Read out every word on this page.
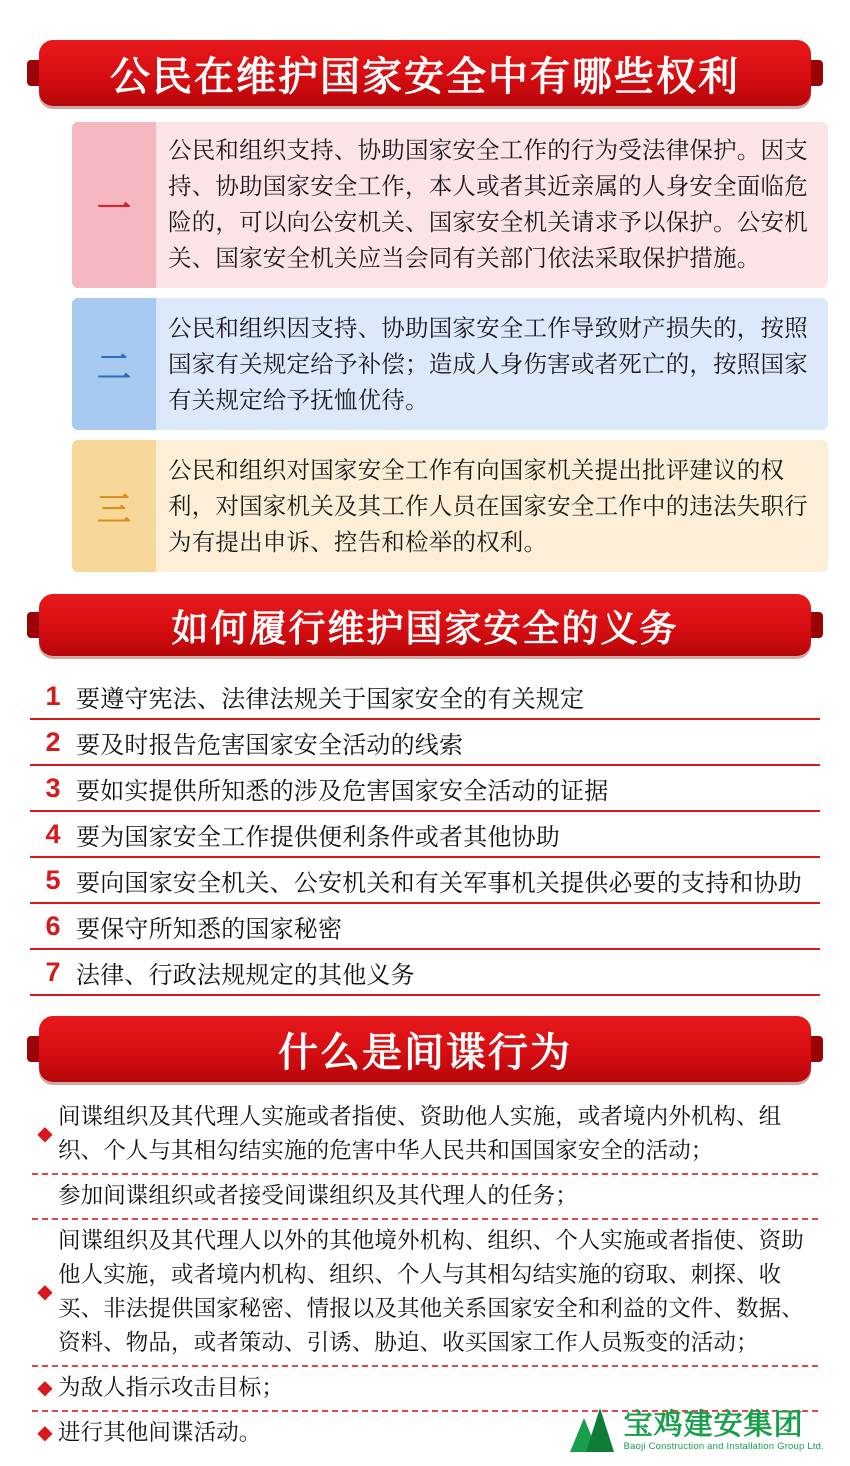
公民在维护国家安全中有哪些权利
一
公民和组织支持、协助国家安全工作的行为受法律保护。因支持、协助国家安全工作，本人或者其近亲属的人身安全面临危险的，可以向公安机关、国家安全机关请求予以保护。公安机关、国家安全机关应当会同有关部门依法采取保护措施。
二
公民和组织因支持、协助国家安全工作导致财产损失的，按照国家有关规定给予补偿；造成人身伤害或者死亡的，按照国家有关规定给予抚恤优待。
三
公民和组织对国家安全工作有向国家机关提出批评建议的权利，对国家机关及其工作人员在国家安全工作中的违法失职行为有提出申诉、控告和检举的权利。
如何履行维护国家安全的义务
1 要遵守宪法、法律法规关于国家安全的有关规定
2 要及时报告危害国家安全活动的线索
3 要如实提供所知悉的涉及危害国家安全活动的证据
4 要为国家安全工作提供便利条件或者其他协助
5 要向国家安全机关、公安机关和有关军事机关提供必要的支持和协助
6 要保守所知悉的国家秘密
7 法律、行政法规规定的其他义务
什么是间谍行为
◆
间谍组织及其代理人实施或者指使、资助他人实施，或者境内外机构、组织、个人与其相勾结实施的危害中华人民共和国国家安全的活动；
参加间谍组织或者接受间谍组织及其代理人的任务；
◆
间谍组织及其代理人以外的其他境外机构、组织、个人实施或者指使、资助他人实施，或者境内机构、组织、个人与其相勾结实施的窃取、刺探、收买、非法提供国家秘密、情报以及其他关系国家安全和利益的文件、数据、资料、物品，或者策动、引诱、胁迫、收买国家工作人员叛变的活动；
◆ 为敌人指示攻击目标；
◆ 进行其他间谍活动。	宝鸡建安集团
Baoji Construction and Installation Group Ltd.
